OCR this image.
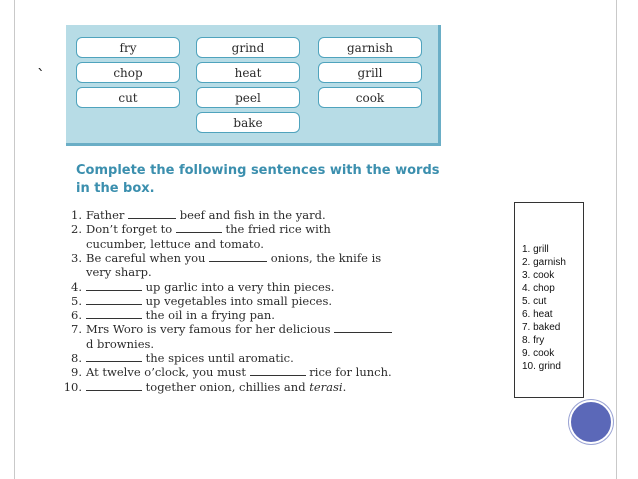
`
fry	grind	garnish
chop	heat	grill
cut	peel	cook
bake
Complete the following sentences with the words in the box.
1. Father	beef and fish in the yard.
2. Don’t forget to	the fried rice with
cucumber, lettuce and tomato.
3. Be careful when you	onions, the knife is
very sharp.
4.	up garlic into a very thin pieces.
5.	up vegetables into small pieces.
6.	the oil in a frying pan.
7. Mrs Woro is very famous for her delicious
d brownies.
8.	the spices until aromatic.
9. At twelve o’clock, you must	rice for lunch.
10.	together onion, chillies and terasi.
1. grill
2. garnish
3. cook
4. chop
5. cut
6. heat
7. baked
8. fry
9. cook
10. grind
